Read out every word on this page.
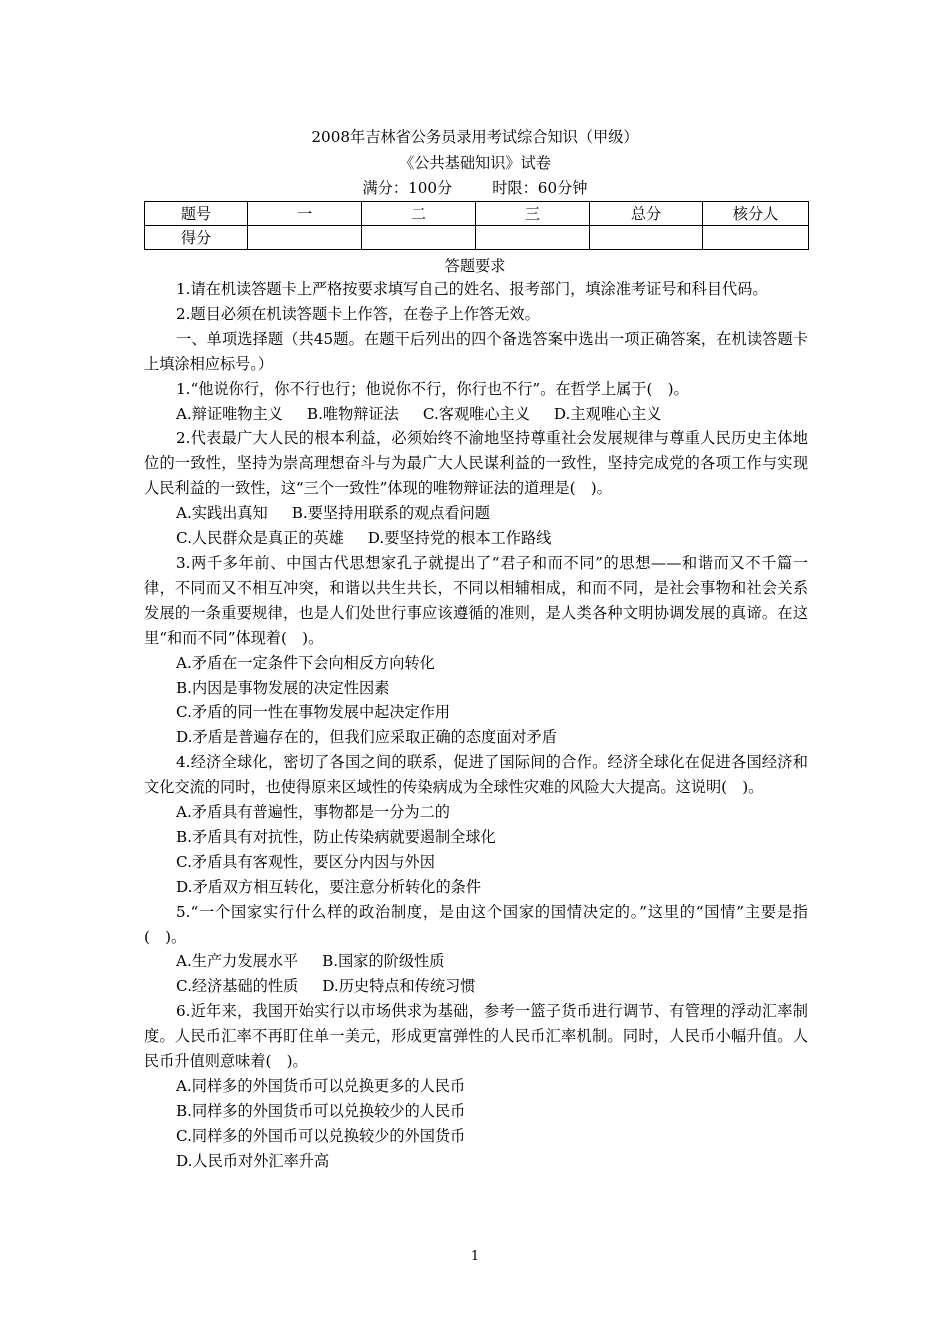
2008年吉林省公务员录用考试综合知识（甲级）
《公共基础知识》试卷
满分：100分	时限：60分钟
题号	一	二	三	总分	核分人
得分					
答题要求

1.请在机读答题卡上严格按要求填写自己的姓名、报考部门，填涂准考证号和科目代码。

2.题目必须在机读答题卡上作答，在卷子上作答无效。

一、单项选择题（共45题。在题干后列出的四个备选答案中选出一项正确答案，在机读答题卡上填涂相应标号。）

1.“他说你行，你不行也行；他说你不行，你行也不行”。在哲学上属于(　)。

A.辩证唯物主义 B.唯物辩证法 C.客观唯心主义 D.主观唯心主义

2.代表最广大人民的根本利益，必须始终不渝地坚持尊重社会发展规律与尊重人民历史主体地位的一致性，坚持为崇高理想奋斗与为最广大人民谋利益的一致性，坚持完成党的各项工作与实现人民利益的一致性，这“三个一致性”体现的唯物辩证法的道理是(　)。

A.实践出真知 B.要坚持用联系的观点看问题

C.人民群众是真正的英雄 D.要坚持党的根本工作路线

3.两千多年前、中国古代思想家孔子就提出了“君子和而不同”的思想——和谐而又不千篇一律，不同而又不相互冲突，和谐以共生共长，不同以相辅相成，和而不同，是社会事物和社会关系发展的一条重要规律，也是人们处世行事应该遵循的准则，是人类各种文明协调发展的真谛。在这里“和而不同”体现着(　)。

A.矛盾在一定条件下会向相反方向转化

B.内因是事物发展的决定性因素

C.矛盾的同一性在事物发展中起决定作用

D.矛盾是普遍存在的，但我们应采取正确的态度面对矛盾

4.经济全球化，密切了各国之间的联系，促进了国际间的合作。经济全球化在促进各国经济和文化交流的同时，也使得原来区域性的传染病成为全球性灾难的风险大大提高。这说明(　)。

A.矛盾具有普遍性，事物都是一分为二的

B.矛盾具有对抗性，防止传染病就要遏制全球化

C.矛盾具有客观性，要区分内因与外因

D.矛盾双方相互转化，要注意分析转化的条件

5.“一个国家实行什么样的政治制度，是由这个国家的国情决定的。”这里的“国情”主要是指(　)。

A.生产力发展水平 B.国家的阶级性质

C.经济基础的性质 D.历史特点和传统习惯

6.近年来，我国开始实行以市场供求为基础，参考一篮子货币进行调节、有管理的浮动汇率制度。人民币汇率不再盯住单一美元，形成更富弹性的人民币汇率机制。同时，人民币小幅升值。人民币升值则意味着(　)。

A.同样多的外国货币可以兑换更多的人民币

B.同样多的外国货币可以兑换较少的人民币

C.同样多的外国币可以兑换较少的外国货币

D.人民币对外汇率升高

1
